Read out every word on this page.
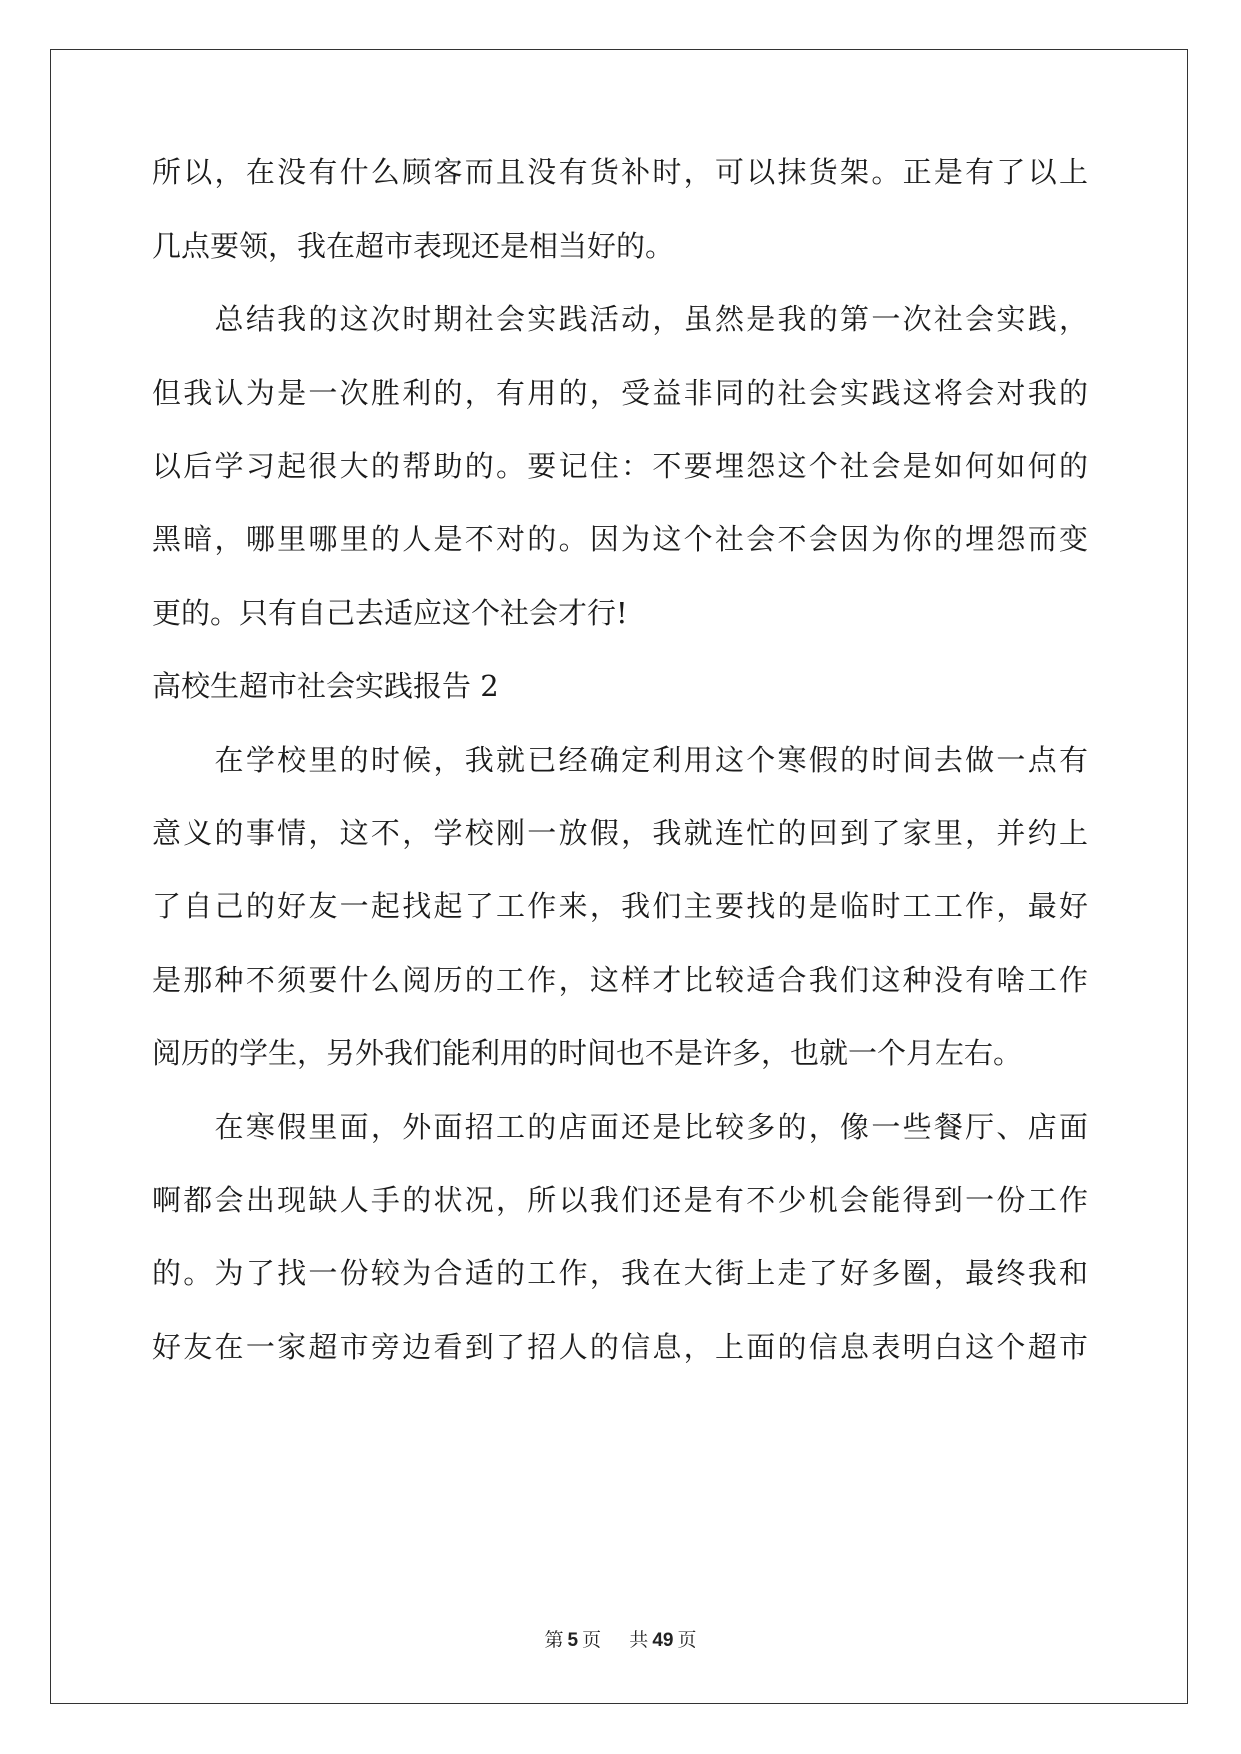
所以，在没有什么顾客而且没有货补时，可以抹货架。正是有了以上
几点要领，我在超市表现还是相当好的。
　　总结我的这次时期社会实践活动，虽然是我的第一次社会实践，
但我认为是一次胜利的，有用的，受益非同的社会实践这将会对我的
以后学习起很大的帮助的。要记住：不要埋怨这个社会是如何如何的
黑暗，哪里哪里的人是不对的。因为这个社会不会因为你的埋怨而变
更的。只有自己去适应这个社会才行!
高校生超市社会实践报告 2
　　在学校里的时候，我就已经确定利用这个寒假的时间去做一点有
意义的事情，这不，学校刚一放假，我就连忙的回到了家里，并约上
了自己的好友一起找起了工作来，我们主要找的是临时工工作，最好
是那种不须要什么阅历的工作，这样才比较适合我们这种没有啥工作
阅历的学生，另外我们能利用的时间也不是许多，也就一个月左右。
　　在寒假里面，外面招工的店面还是比较多的，像一些餐厅、店面
啊都会出现缺人手的状况，所以我们还是有不少机会能得到一份工作
的。为了找一份较为合适的工作，我在大街上走了好多圈，最终我和
好友在一家超市旁边看到了招人的信息，上面的信息表明白这个超市
第 5 页 共 49 页
